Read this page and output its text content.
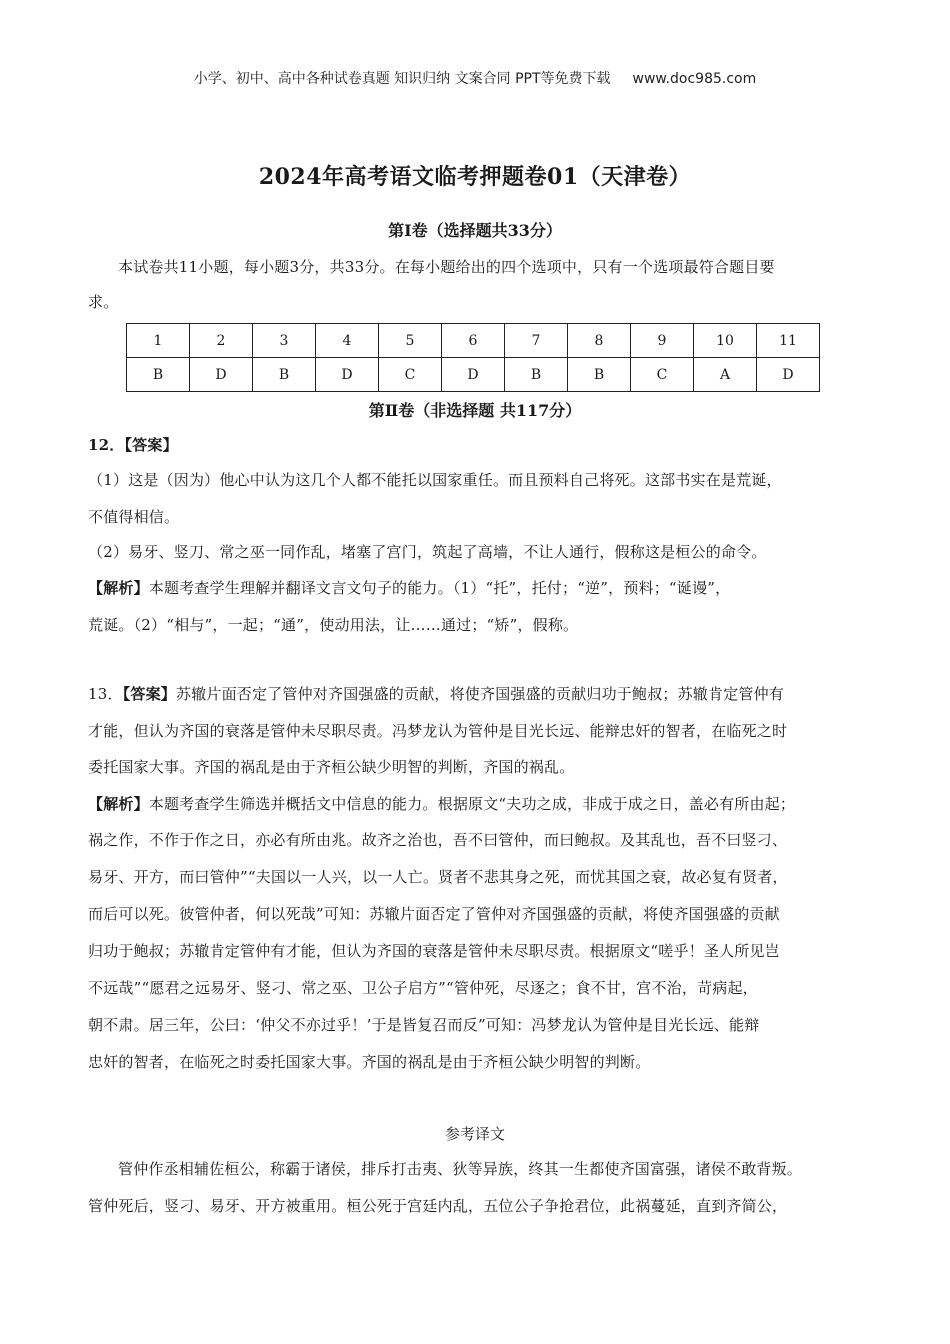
小学、初中、高中各种试卷真题 知识归纳 文案合同 PPT等免费下载 www.doc985.com
2024年高考语文临考押题卷01（天津卷）
第Ⅰ卷（选择题共33分）
本试卷共11小题，每小题3分，共33分。在每小题给出的四个选项中，只有一个选项最符合题目要
求。
1	2	3	4	5	6	7	8	9	10	11
B	D	B	D	C	D	B	B	C	A	D
第Ⅱ卷（非选择题 共117分）
12．【答案】
（1）这是（因为）他心中认为这几个人都不能托以国家重任。而且预料自己将死。这部书实在是荒诞，
不值得相信。
（2）易牙、竖刀、常之巫一同作乱，堵塞了宫门，筑起了高墙，不让人通行，假称这是桓公的命令。
【解析】本题考查学生理解并翻译文言文句子的能力。（1）“托”，托付；“逆”，预料；“诞谩”，
荒诞。（2）“相与”，一起；“通”，使动用法，让……通过；“矫”，假称。
13．【答案】苏辙片面否定了管仲对齐国强盛的贡献，将使齐国强盛的贡献归功于鲍叔；苏辙肯定管仲有
才能，但认为齐国的衰落是管仲未尽职尽责。冯梦龙认为管仲是目光长远、能辩忠奸的智者，在临死之时
委托国家大事。齐国的祸乱是由于齐桓公缺少明智的判断，齐国的祸乱。
【解析】本题考查学生筛选并概括文中信息的能力。根据原文“夫功之成，非成于成之日，盖必有所由起；
祸之作，不作于作之日，亦必有所由兆。故齐之治也，吾不曰管仲，而曰鲍叔。及其乱也，吾不曰竖刁、
易牙、开方，而曰管仲”“夫国以一人兴，以一人亡。贤者不悲其身之死，而忧其国之衰，故必复有贤者，
而后可以死。彼管仲者，何以死哉”可知：苏辙片面否定了管仲对齐国强盛的贡献，将使齐国强盛的贡献
归功于鲍叔；苏辙肯定管仲有才能，但认为齐国的衰落是管仲未尽职尽责。根据原文“嗟乎！圣人所见岂
不远哉”“愿君之远易牙、竖刁、常之巫、卫公子启方”“管仲死，尽逐之；食不甘，宫不治，苛病起，
朝不肃。居三年，公曰：‘仲父不亦过乎！’于是皆复召而反”可知：冯梦龙认为管仲是目光长远、能辩
忠奸的智者，在临死之时委托国家大事。齐国的祸乱是由于齐桓公缺少明智的判断。
参考译文
管仲作丞相辅佐桓公，称霸于诸侯，排斥打击夷、狄等异族，终其一生都使齐国富强，诸侯不敢背叛。
管仲死后，竖刁、易牙、开方被重用。桓公死于宫廷内乱，五位公子争抢君位，此祸蔓延，直到齐简公，
